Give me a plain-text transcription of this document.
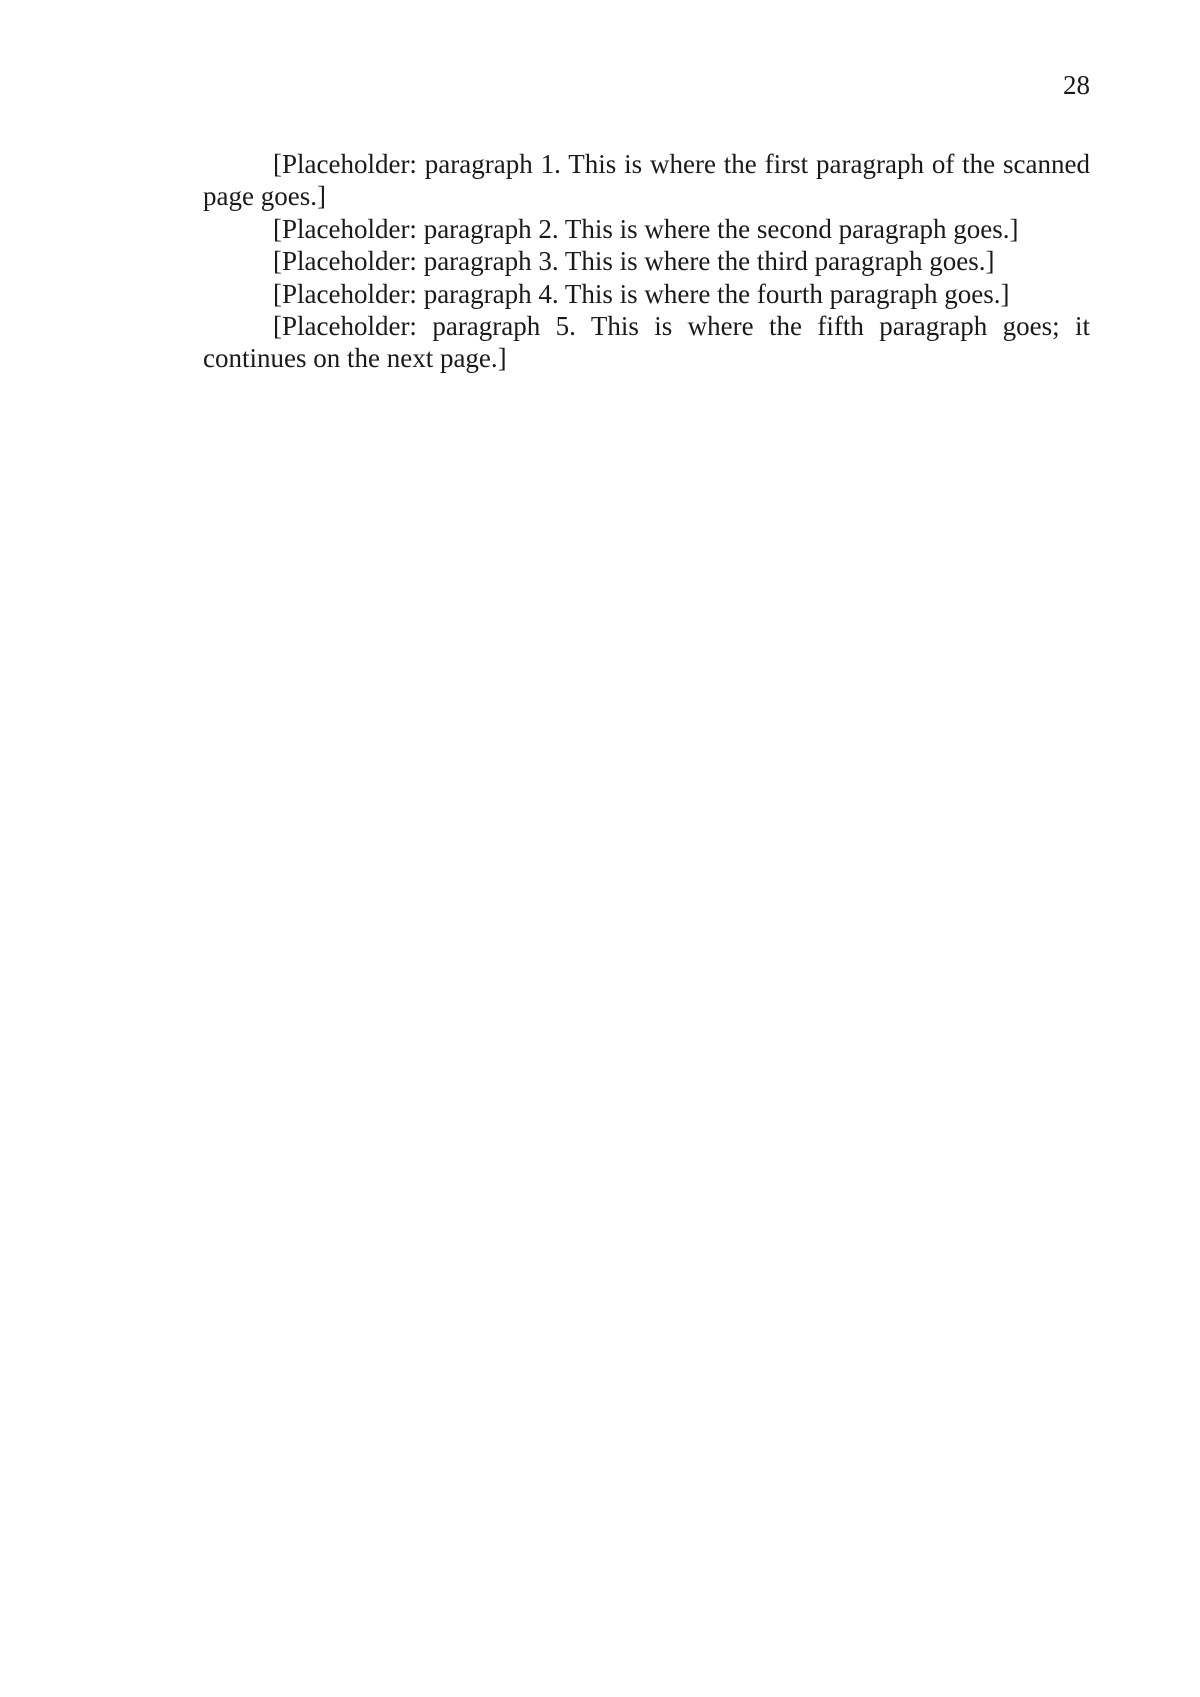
28

[Placeholder: paragraph 1. This is where the first paragraph of the scanned page goes.]

[Placeholder: paragraph 2. This is where the second paragraph goes.]

[Placeholder: paragraph 3. This is where the third paragraph goes.]

[Placeholder: paragraph 4. This is where the fourth paragraph goes.]

[Placeholder: paragraph 5. This is where the fifth paragraph goes; it continues on the next page.]
